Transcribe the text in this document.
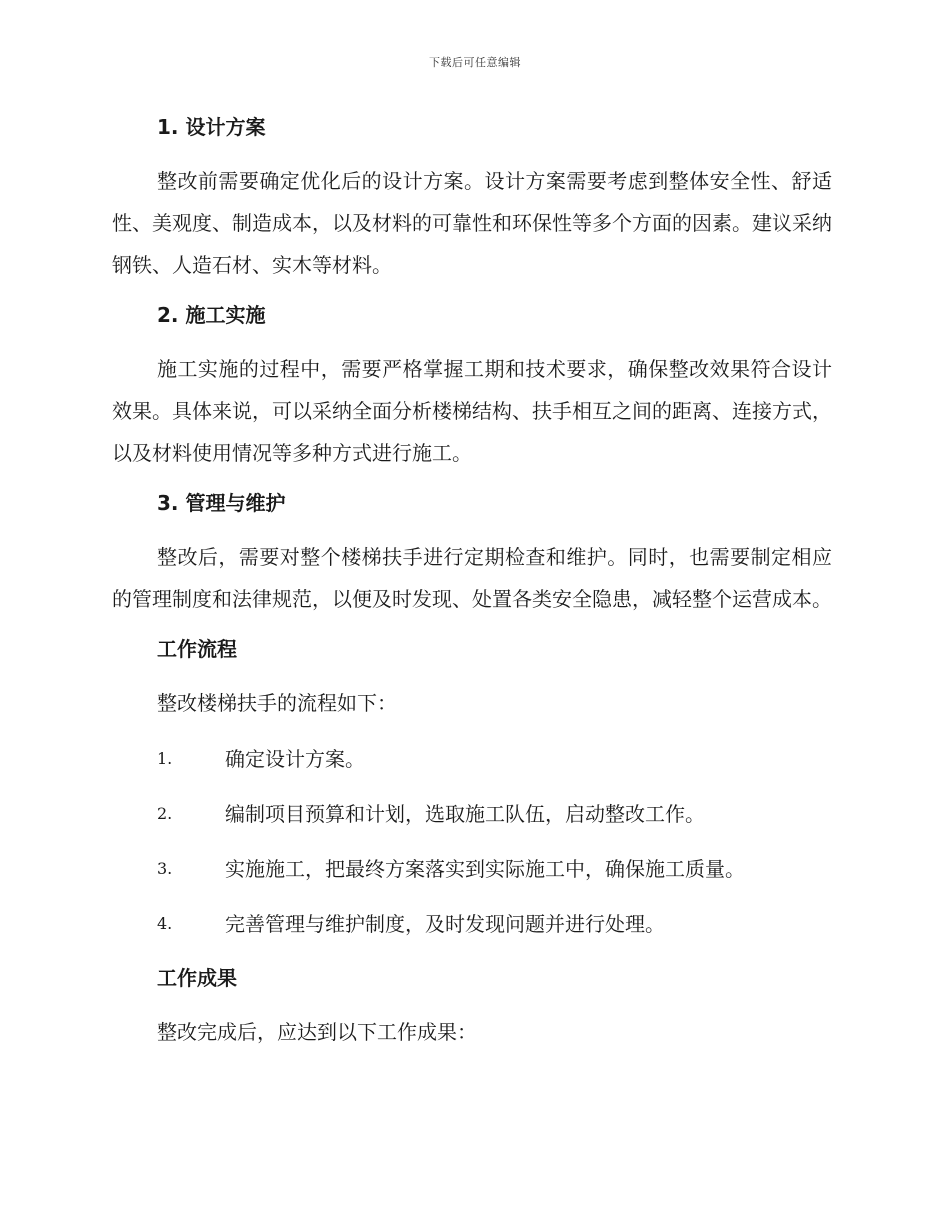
下载后可任意编辑

1. 设计方案

整改前需要确定优化后的设计方案。设计方案需要考虑到整体安全性、舒适性、美观度、制造成本，以及材料的可靠性和环保性等多个方面的因素。建议采纳钢铁、人造石材、实木等材料。

2. 施工实施

施工实施的过程中，需要严格掌握工期和技术要求，确保整改效果符合设计效果。具体来说，可以采纳全面分析楼梯结构、扶手相互之间的距离、连接方式，以及材料使用情况等多种方式进行施工。

3. 管理与维护

整改后，需要对整个楼梯扶手进行定期检查和维护。同时，也需要制定相应的管理制度和法律规范，以便及时发现、处置各类安全隐患，减轻整个运营成本。

工作流程

整改楼梯扶手的流程如下：

1.	确定设计方案。
2.	编制项目预算和计划，选取施工队伍，启动整改工作。
3.	实施施工，把最终方案落实到实际施工中，确保施工质量。
4.	完善管理与维护制度，及时发现问题并进行处理。

工作成果

整改完成后，应达到以下工作成果：
